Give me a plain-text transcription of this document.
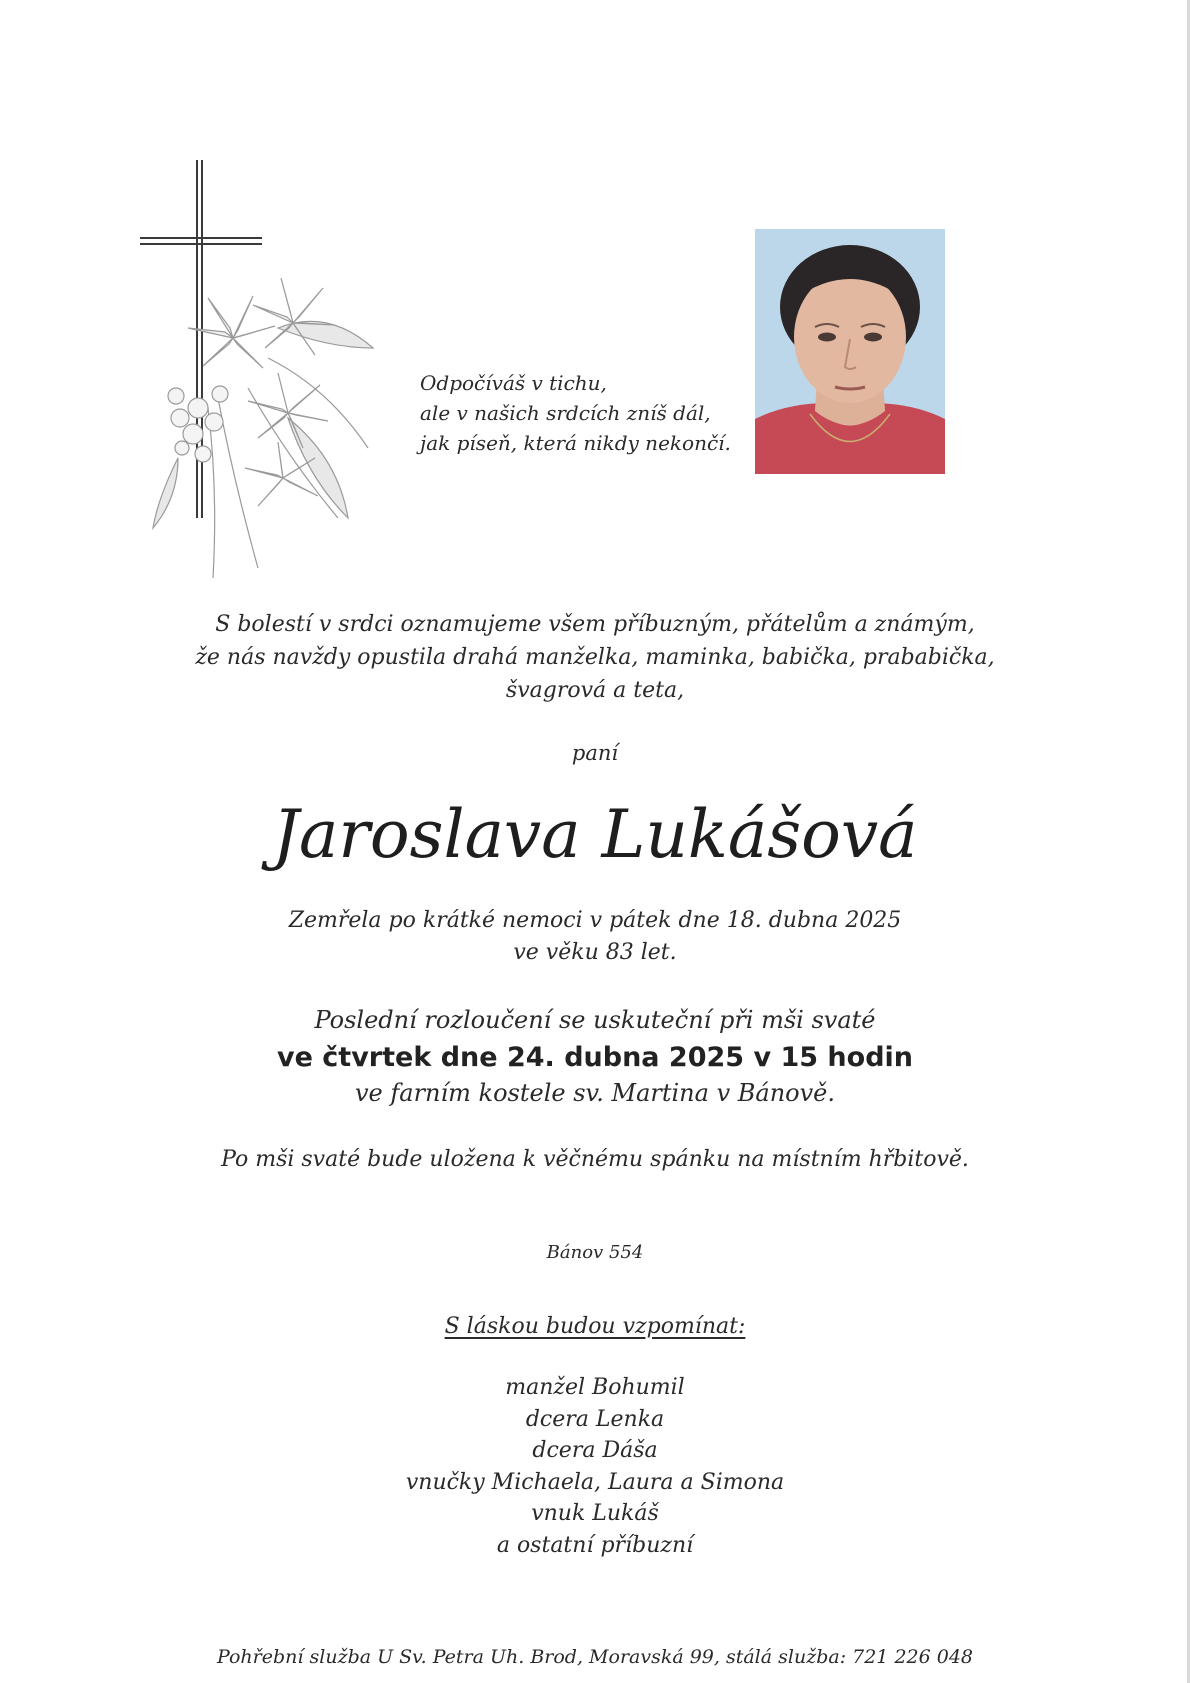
Odpočíváš v tichu,
ale v našich srdcích zníš dál,
jak píseň, která nikdy nekončí.
S bolestí v srdci oznamujeme všem příbuzným, přátelům a známým,
že nás navždy opustila drahá manželka, maminka, babička, prababička,
švagrová a teta,
paní
Jaroslava Lukášová
Zemřela po krátké nemoci v pátek dne 18. dubna 2025
ve věku 83 let.
Poslední rozloučení se uskuteční při mši svaté
ve čtvrtek dne 24. dubna 2025 v 15 hodin
ve farním kostele sv. Martina v Bánově.
Po mši svaté bude uložena k věčnému spánku na místním hřbitově.
Bánov 554
S láskou budou vzpomínat:
manžel Bohumil
dcera Lenka
dcera Dáša
vnučky Michaela, Laura a Simona
vnuk Lukáš
a ostatní příbuzní
Pohřební služba U Sv. Petra Uh. Brod, Moravská 99, stálá služba: 721 226 048
